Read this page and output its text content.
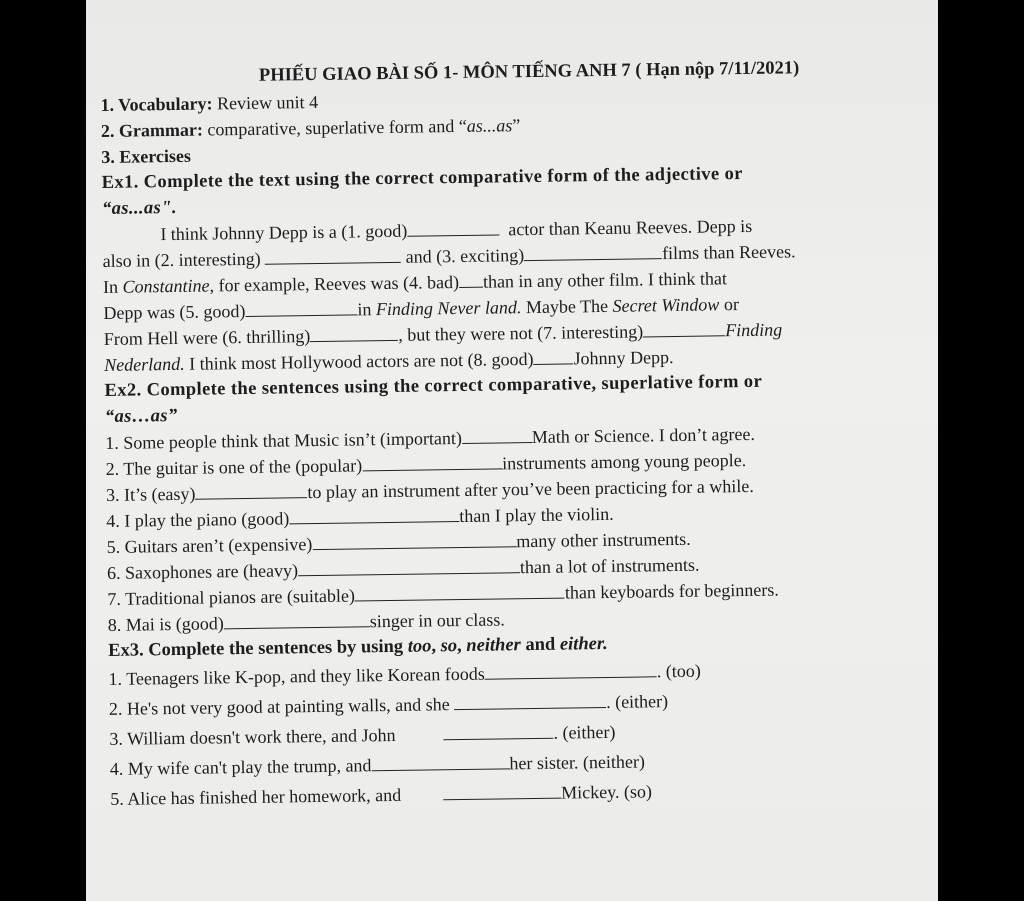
PHIẾU GIAO BÀI SỐ 1- MÔN TIẾNG ANH 7 ( Hạn nộp 7/11/2021)
1. Vocabulary: Review unit 4
2. Grammar: comparative, superlative form and “as...as”
3. Exercises
Ex1. Complete the text using the correct comparative form of the adjective or
“as...as".
I think Johnny Depp is a (1. good)	actor than Keanu Reeves. Depp is
also in (2. interesting)	and (3. exciting)	films than Reeves.
In Constantine, for example, Reeves was (4. bad) than in any other film. I think that
Depp was (5. good)	in Finding Never land. Maybe The Secret Window or
From Hell were (6. thrilling)	, but they were not (7. interesting)	Finding
Nederland. I think most Hollywood actors are not (8. good) Johnny Depp.
Ex2. Complete the sentences using the correct comparative, superlative form or
“as…as”
1. Some people think that Music isn’t (important)	Math or Science. I don’t agree.
2. The guitar is one of the (popular)	instruments among young people.
3. It’s (easy)	to play an instrument after you’ve been practicing for a while.
4. I play the piano (good)	than I play the violin.
5. Guitars aren’t (expensive)	many other instruments.
6. Saxophones are (heavy)	than a lot of instruments.
7. Traditional pianos are (suitable)	than keyboards for beginners.
8. Mai is (good)	singer in our class.
Ex3. Complete the sentences by using too, so, neither and either.
1. Teenagers like K-pop, and they like Korean foods	. (too)
2. He's not very good at painting walls, and she	. (either)
3. William doesn't work there, and John	. (either)
4. My wife can't play the trump, and	her sister. (neither)
5. Alice has finished her homework, and	Mickey. (so)
